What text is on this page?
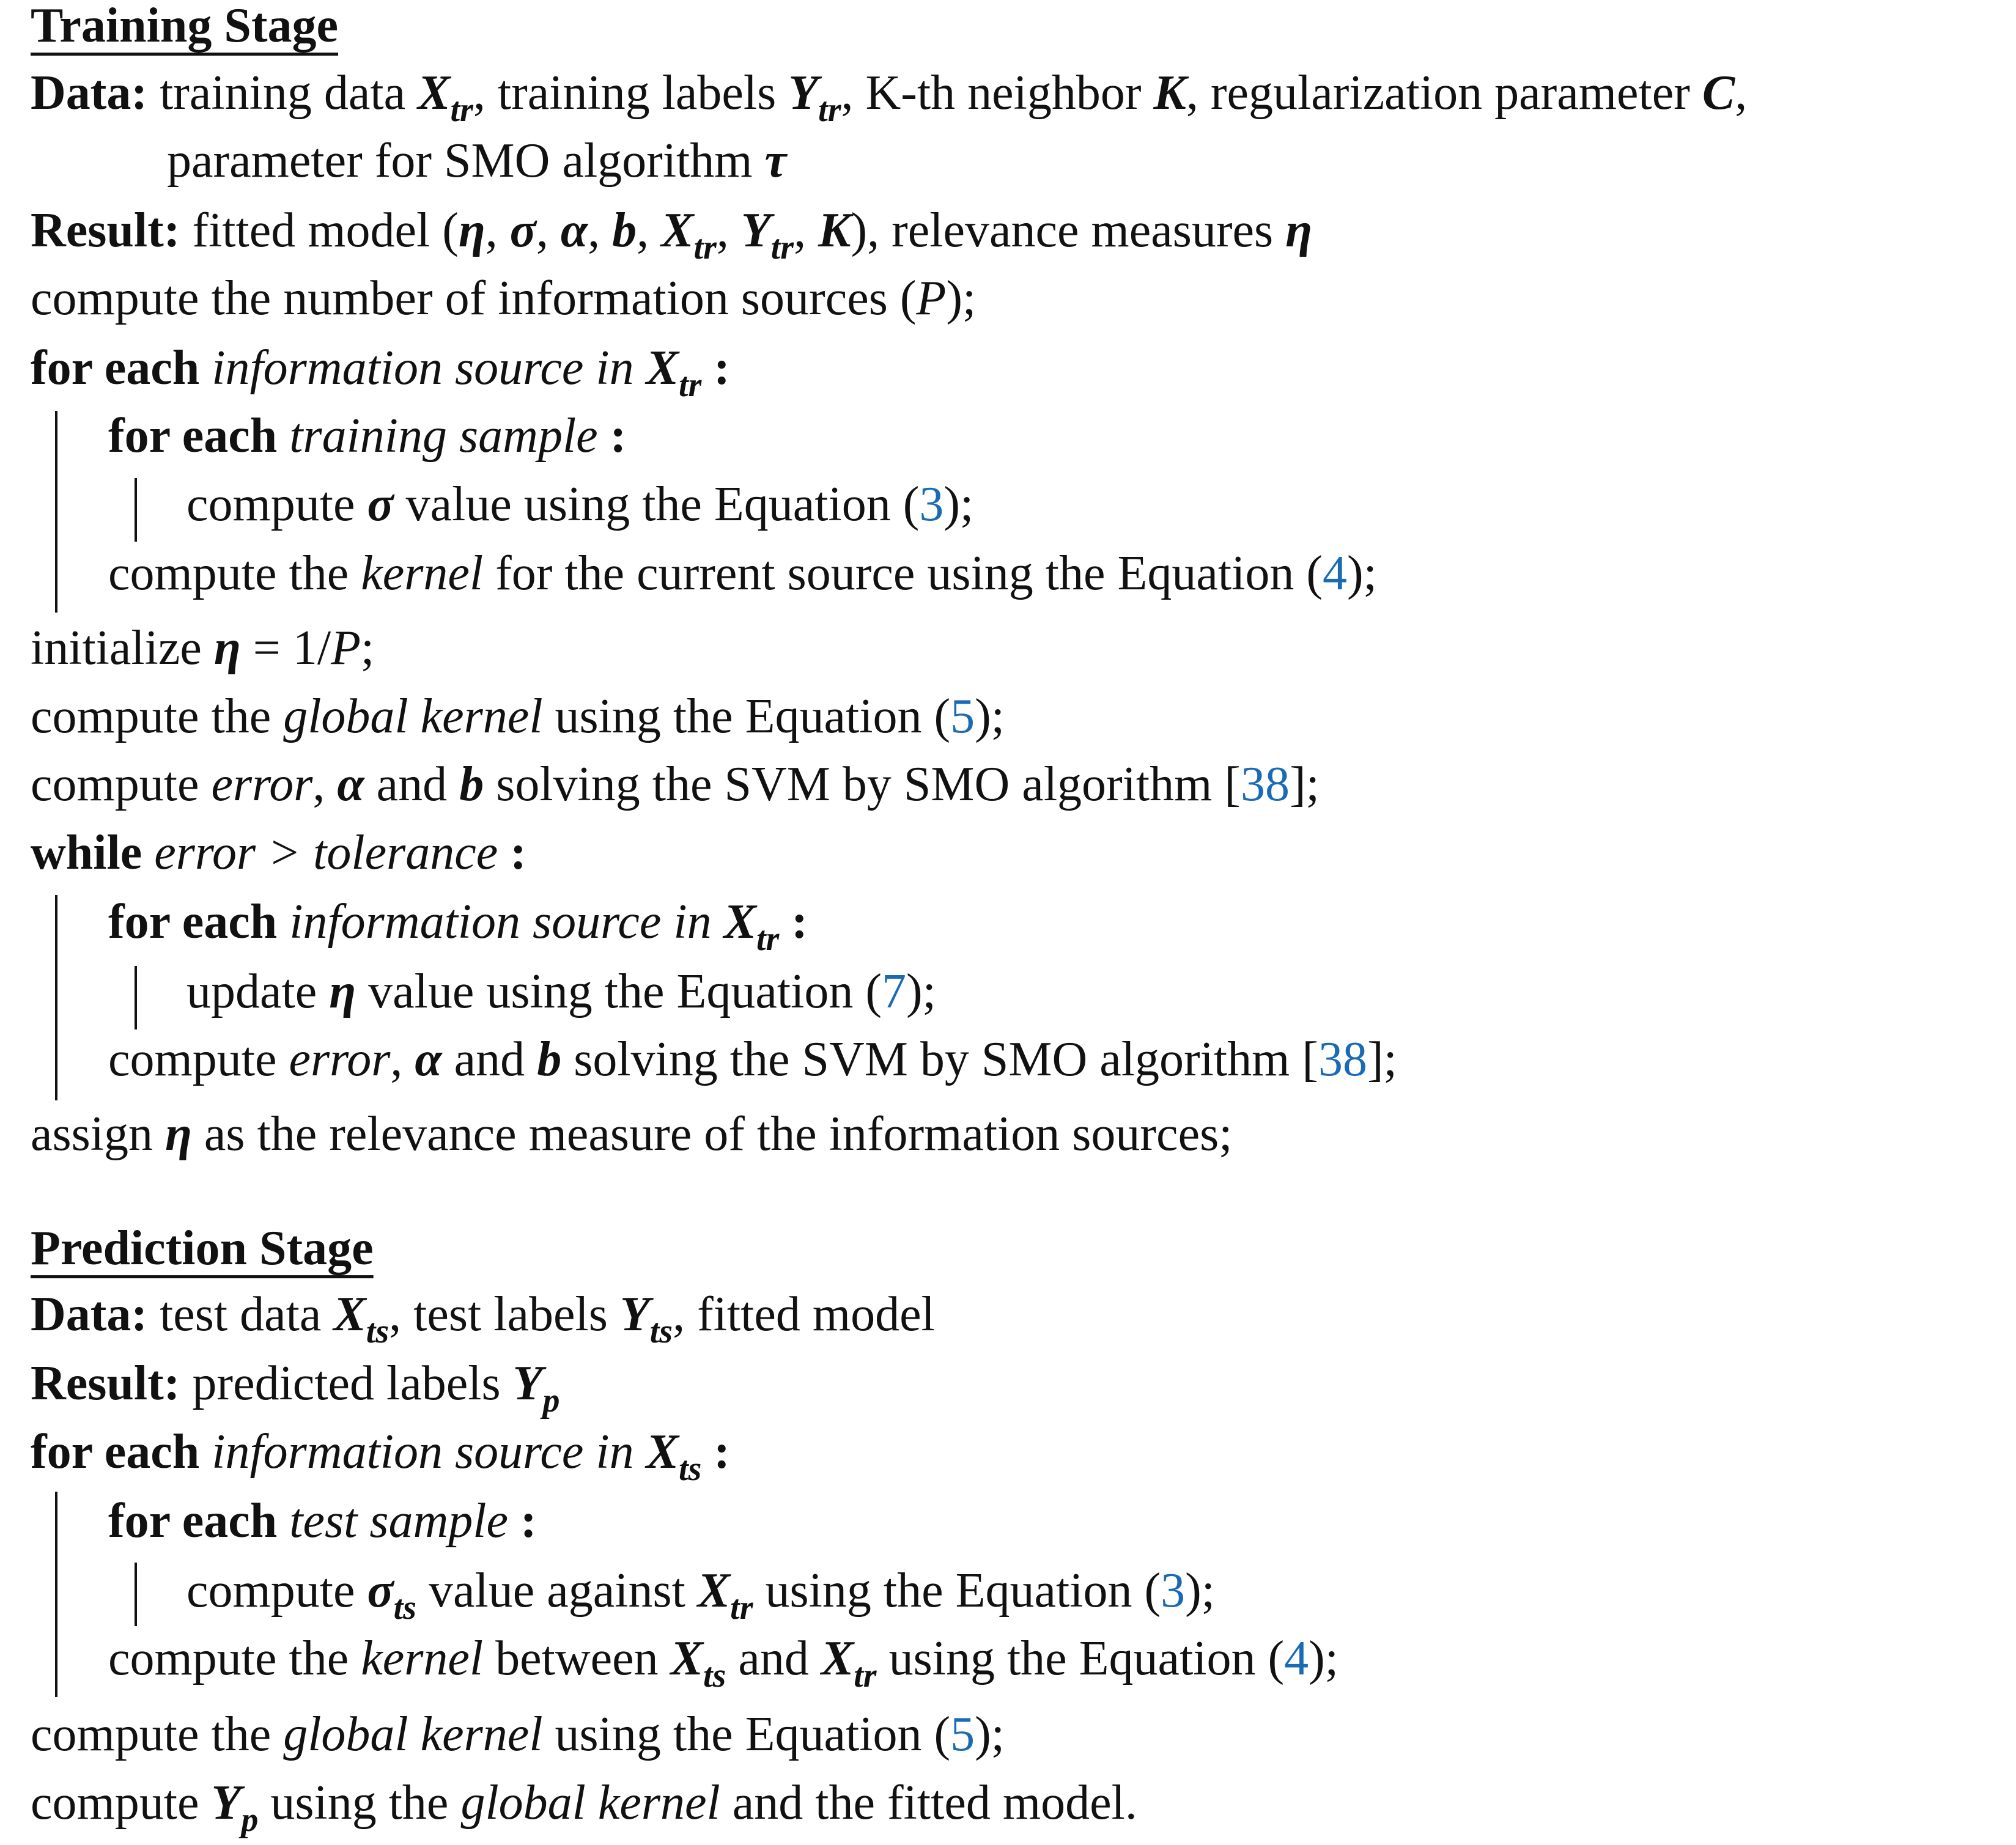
Training Stage
Prediction Stage
Data: training data $X_{tr}$, training labels $Y_{tr}$, K-th neighbor K, regularization parameter C,
parameter for SMO algorithm τ
Result: fitted model (η, σ, α, b, $X_{tr}$, $Y_{tr}$, K), relevance measures η
compute the number of information sources (P);
for each information source in $X_{tr}$ :
for each training sample :
compute σ value using the Equation (3);
compute the kernel for the current source using the Equation (4);
initialize η = 1/P;
compute the global kernel using the Equation (5);
compute error, α and b solving the SVM by SMO algorithm [38];
while error > tolerance :
for each information source in $X_{tr}$ :
update η value using the Equation (7);
compute error, α and b solving the SVM by SMO algorithm [38];
assign η as the relevance measure of the information sources;
Data: test data $X_{ts}$, test labels $Y_{ts}$, fitted model
Result: predicted labels $Y_p$
for each information source in $X_{ts}$ :
for each test sample :
compute $\sigma_{ts}$ value against $X_{tr}$ using the Equation (3);
compute the kernel between $X_{ts}$ and $X_{tr}$ using the Equation (4);
compute the global kernel using the Equation (5);
compute $Y_p$ using the global kernel and the fitted model.
